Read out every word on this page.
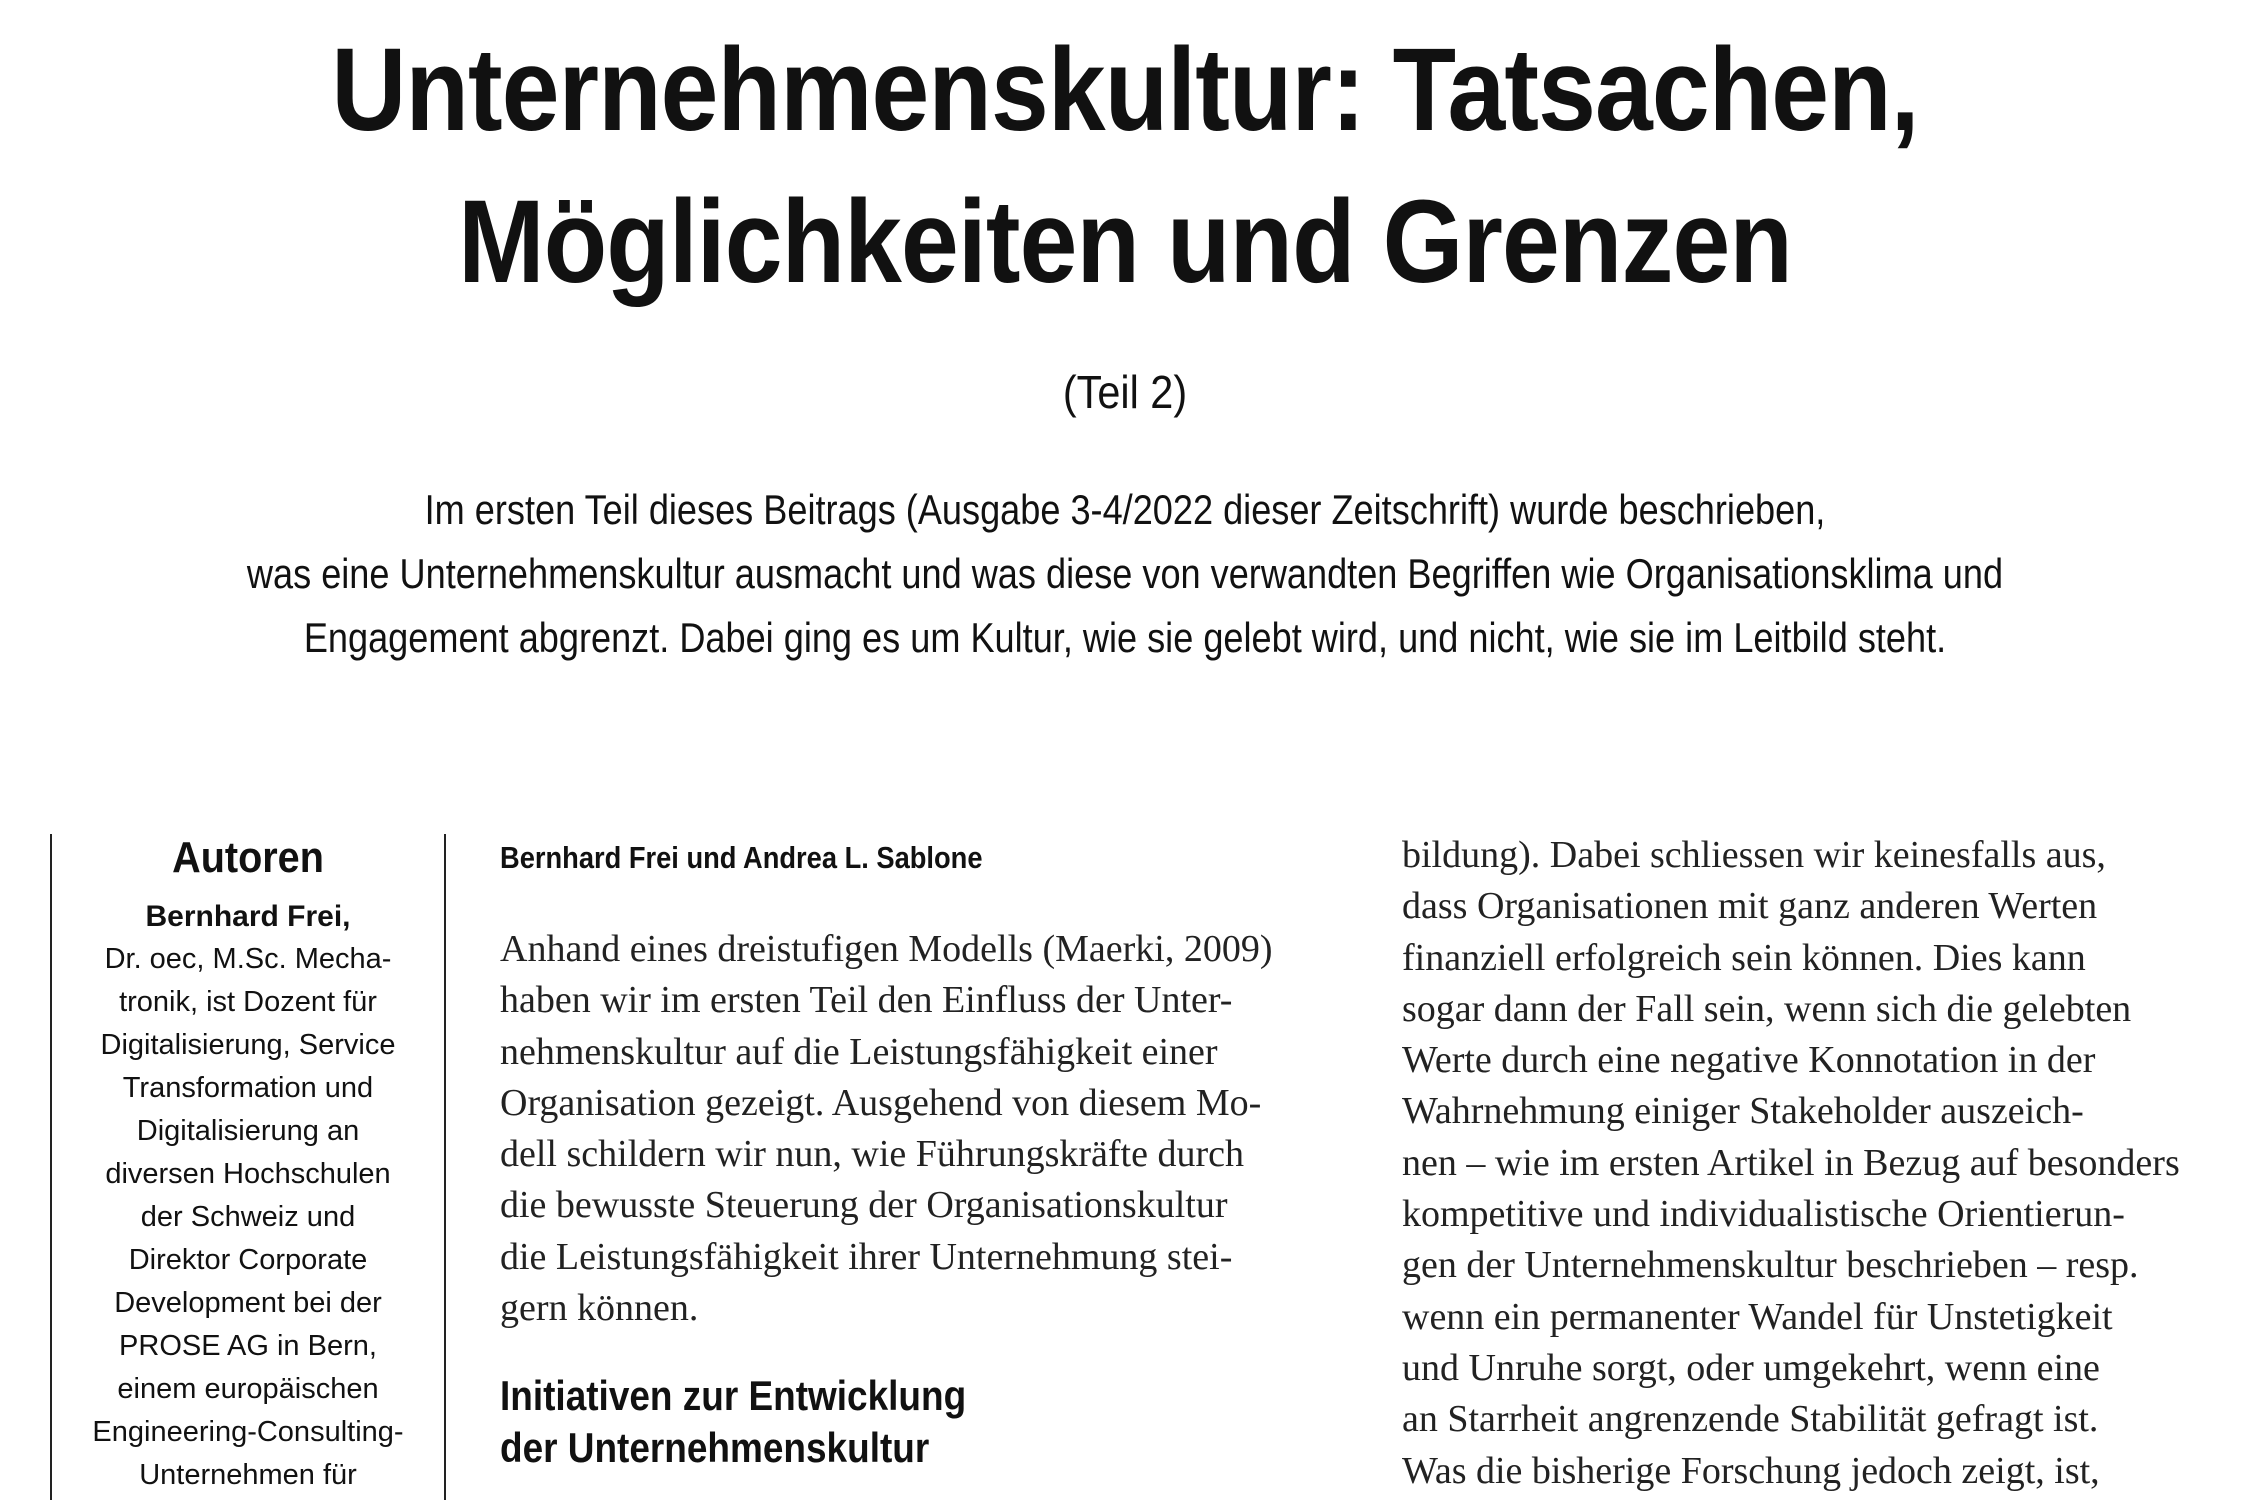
Unternehmenskultur: Tatsachen,
Möglichkeiten und Grenzen
(Teil 2)

Im ersten Teil dieses Beitrags (Ausgabe 3-4/2022 dieser Zeitschrift) wurde beschrieben,
was eine Unternehmenskultur ausmacht und was diese von verwandten Begriffen wie Organisationsklima und
Engagement abgrenzt. Dabei ging es um Kultur, wie sie gelebt wird, und nicht, wie sie im Leitbild steht.

Autoren

Bernhard Frei,

Dr. oec, M.Sc. Mecha-
tronik, ist Dozent für
Digitalisierung, Service
Transformation und
Digitalisierung an
diversen Hochschulen
der Schweiz und
Direktor Corporate
Development bei der
PROSE AG in Bern,
einem europäischen
Engineering-Consulting-
Unternehmen für

Bernhard Frei und Andrea L. Sablone

Anhand eines dreistufigen Modells (Maerki, 2009)
haben wir im ersten Teil den Einfluss der Unter-
nehmenskultur auf die Leistungsfähigkeit einer
Organisation gezeigt. Ausgehend von diesem Mo-
dell schildern wir nun, wie Führungskräfte durch
die bewusste Steuerung der Organisationskultur
die Leistungsfähigkeit ihrer Unternehmung stei-
gern können.

Initiativen zur Entwicklung
der Unternehmenskultur

bildung). Dabei schliessen wir keinesfalls aus,
dass Organisationen mit ganz anderen Werten
finanziell erfolgreich sein können. Dies kann
sogar dann der Fall sein, wenn sich die gelebten
Werte durch eine negative Konnotation in der
Wahrnehmung einiger Stakeholder auszeich-
nen – wie im ersten Artikel in Bezug auf besonders
kompetitive und individualistische Orientierun-
gen der Unternehmenskultur beschrieben – resp.
wenn ein permanenter Wandel für Unstetigkeit
und Unruhe sorgt, oder umgekehrt, wenn eine
an Starrheit angrenzende Stabilität gefragt ist.
Was die bisherige Forschung jedoch zeigt, ist,
